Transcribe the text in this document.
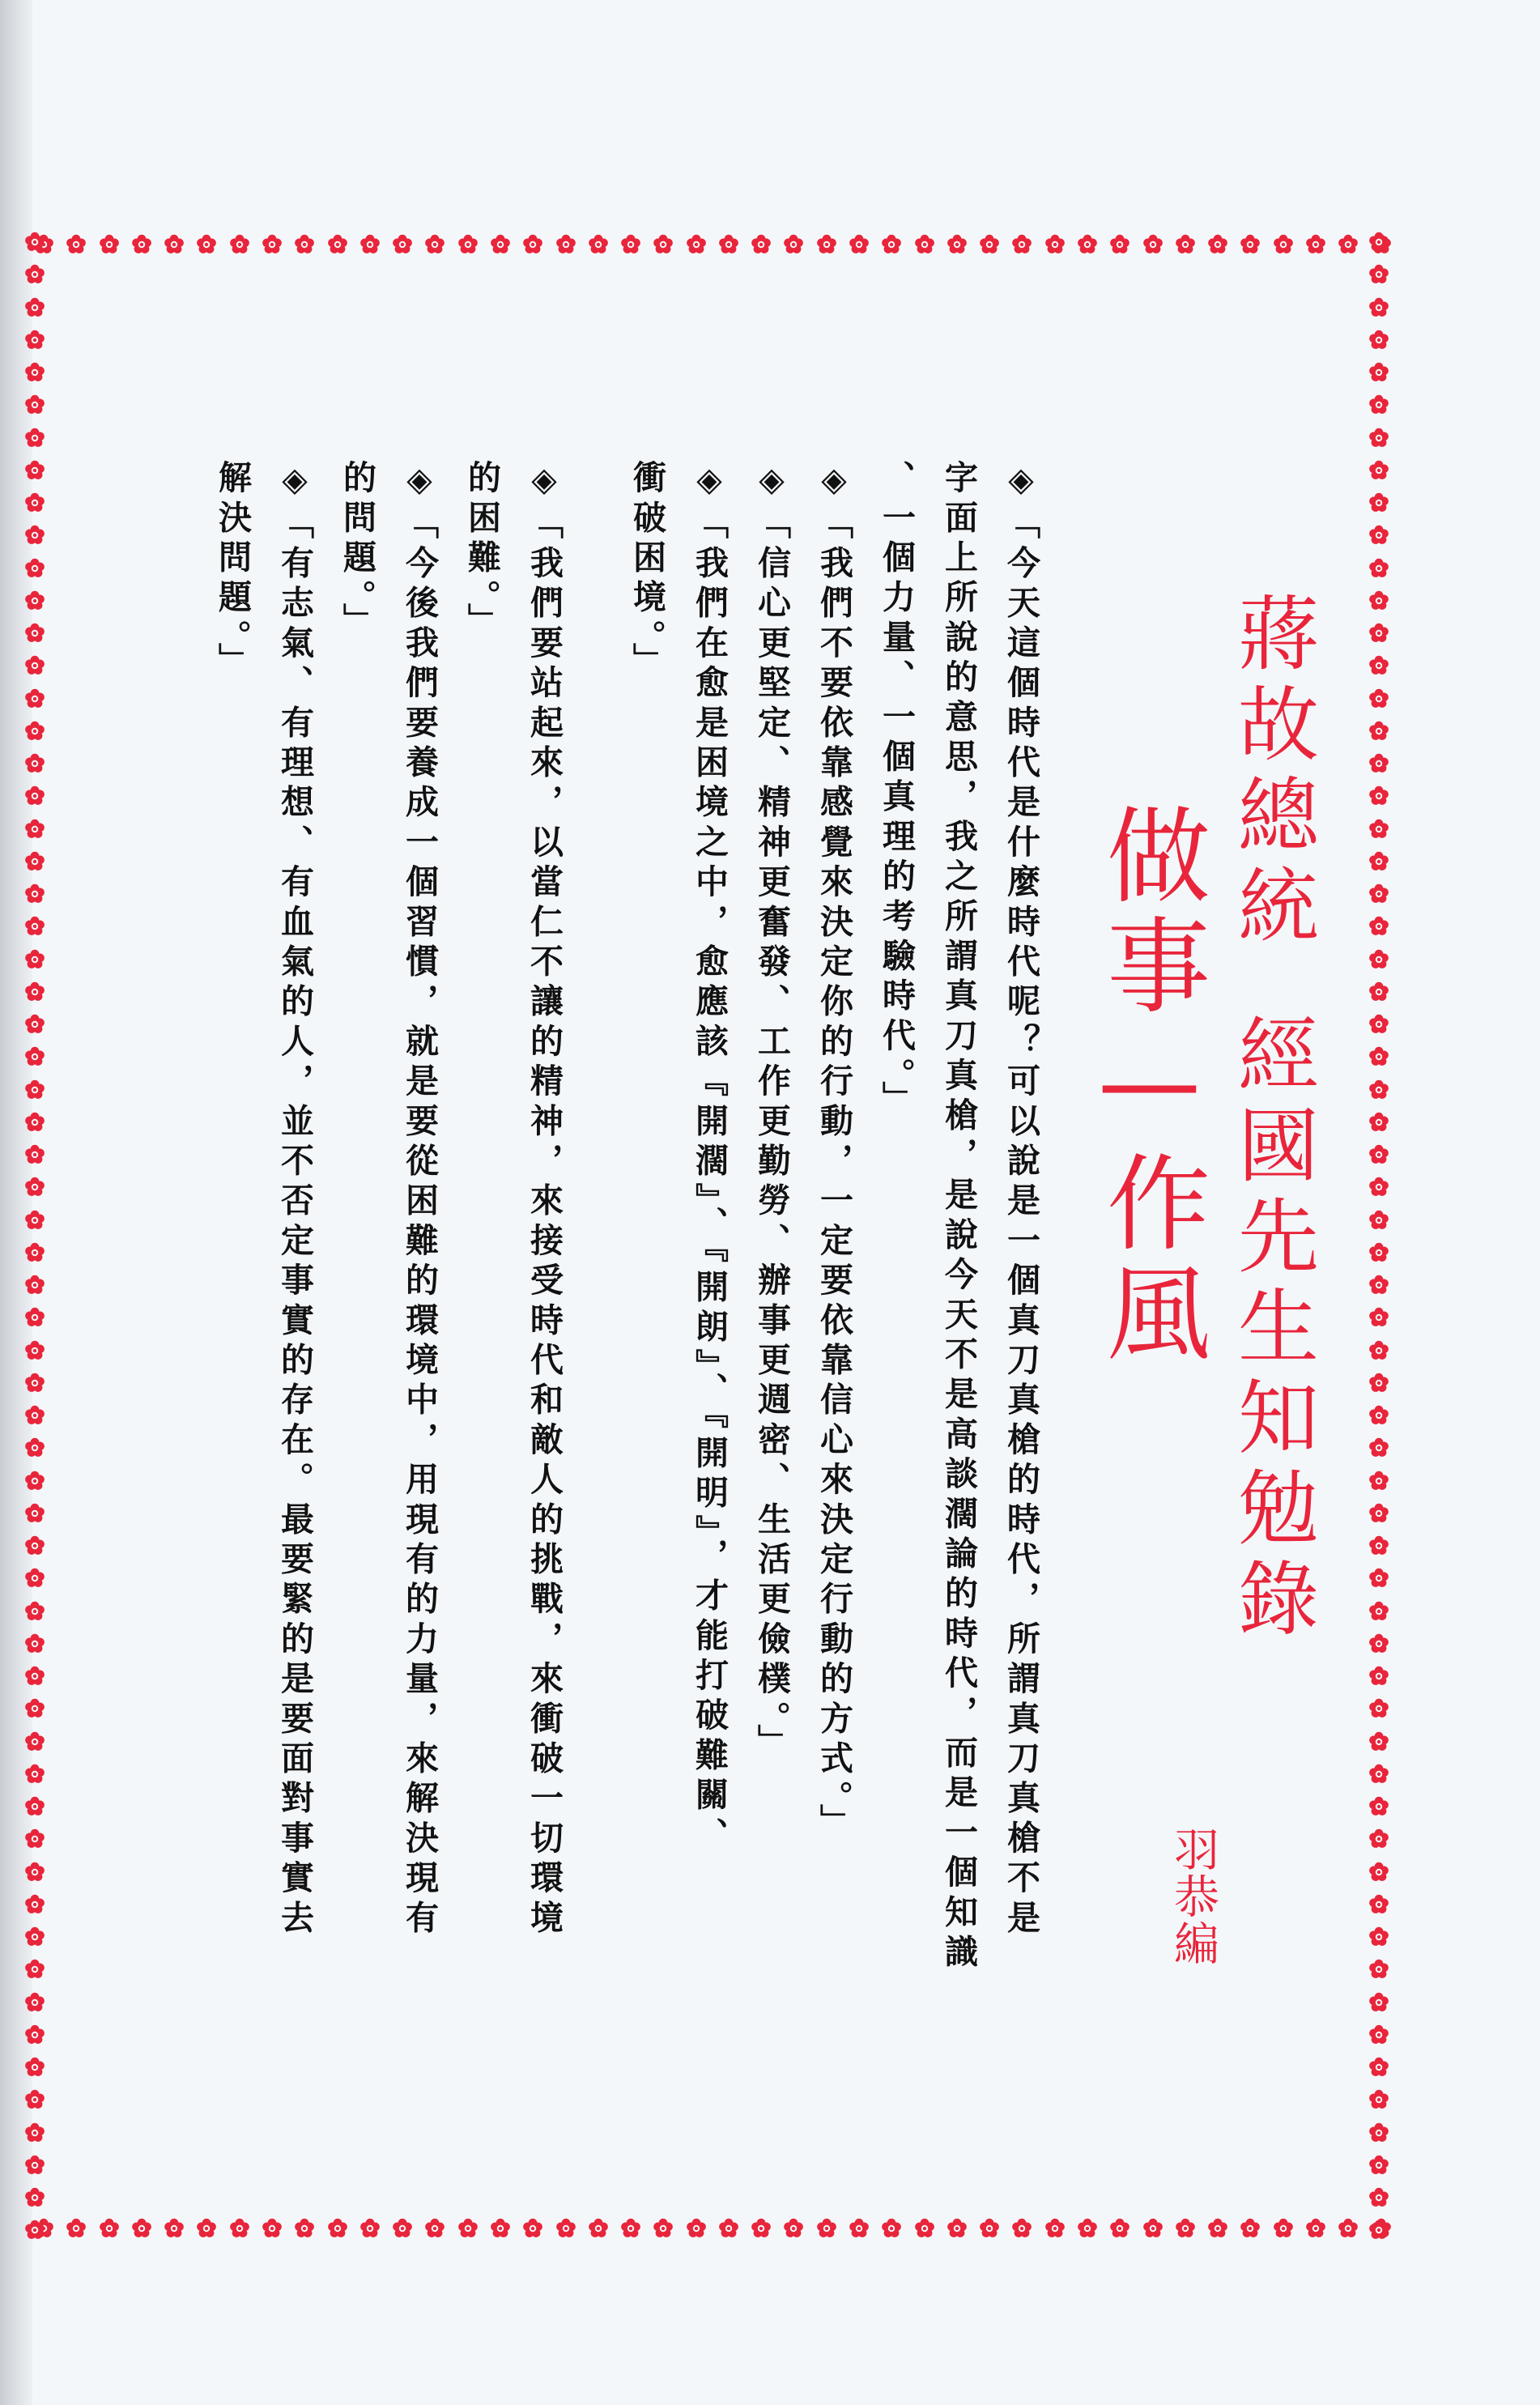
蔣故總統
經國先生知勉錄
做事—作風
羽恭編
◈「今天這個時代是什麼時代呢？可以說是一個真刀真槍的時代，所謂真刀真槍不是
字面上所說的意思，我之所謂真刀真槍，是說今天不是高談濶論的時代，而是一個知識
、一個力量、一個真理的考驗時代。」
◈「我們不要依靠感覺來決定你的行動，一定要依靠信心來決定行動的方式。」
◈「信心更堅定、精神更奮發、工作更勤勞、辦事更週密、生活更儉樸。」
◈「我們在愈是困境之中，愈應該『開濶』、『開朗』、『開明』，才能打破難關、
衝破困境。」
◈「我們要站起來，以當仁不讓的精神，來接受時代和敵人的挑戰，來衝破一切環境
的困難。」
◈「今後我們要養成一個習慣，就是要從困難的環境中，用現有的力量，來解決現有
的問題。」
◈「有志氣、有理想、有血氣的人，並不否定事實的存在。最要緊的是要面對事實去
解決問題。」
